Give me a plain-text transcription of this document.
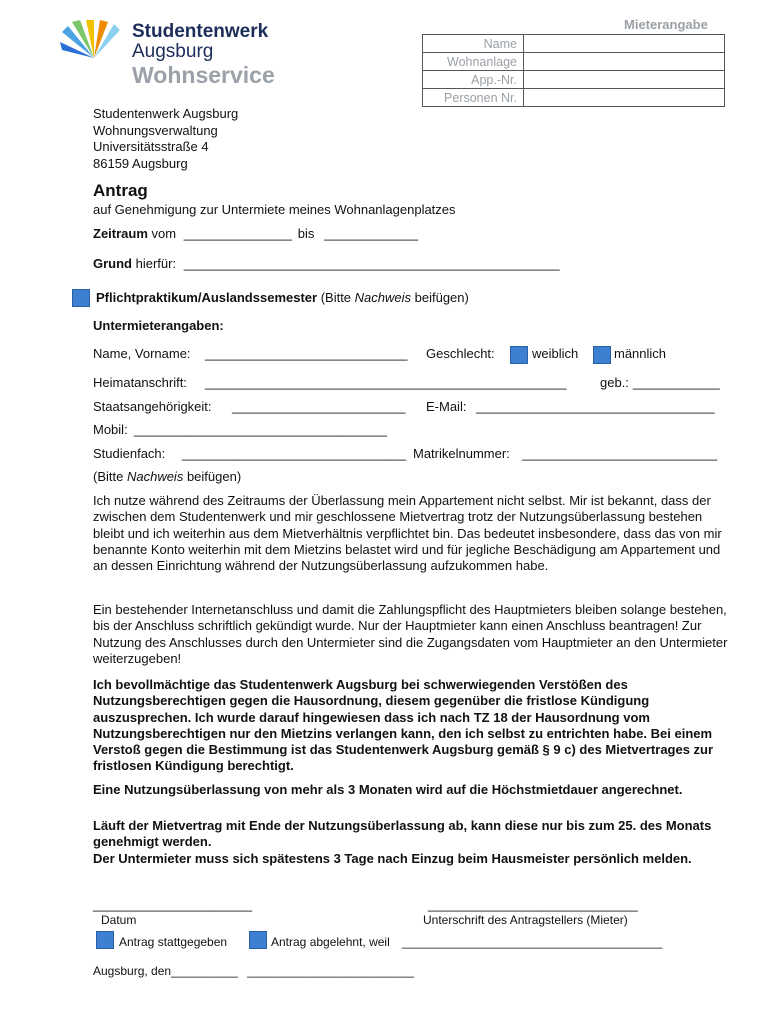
Studentenwerk
Augsburg
Wohnservice
Mieterangabe
Name	
Wohnanlage	
App.-Nr.	
Personen Nr.	
Studentenwerk Augsburg
Wohnungsverwaltung
Universitätsstraße 4
86159 Augsburg
Antrag
auf Genehmigung zur Untermiete meines Wohnanlagenplatzes
Zeitraum vom _______________ bis _____________
Grund hierfür: ____________________________________________________
Pflichtpraktikum/Auslandssemester (Bitte Nachweis beifügen)
Untermieterangaben:
Name, Vorname: ____________________________ Geschlecht:	weiblich	männlich
Heimatanschrift: __________________________________________________	geb.: ____________
Staatsangehörigkeit: ________________________ E-Mail: _________________________________
Mobil: ___________________________________
Studienfach: _______________________________ Matrikelnummer: ___________________________
(Bitte Nachweis beifügen)
Ich nutze während des Zeitraums der Überlassung mein Appartement nicht selbst. Mir ist bekannt, dass der zwischen dem Studentenwerk und mir geschlossene Mietvertrag trotz der Nutzungsüberlassung bestehen bleibt und ich weiterhin aus dem Mietverhältnis verpflichtet bin. Das bedeutet insbesondere, dass das von mir benannte Konto weiterhin mit dem Mietzins belastet wird und für jegliche Beschädigung am Appartement und an dessen Einrichtung während der Nutzungsüberlassung aufzukommen habe.
Ein bestehender Internetanschluss und damit die Zahlungspflicht des Hauptmieters bleiben solange bestehen, bis der Anschluss schriftlich gekündigt wurde. Nur der Hauptmieter kann einen Anschluss beantragen! Zur Nutzung des Anschlusses durch den Untermieter sind die Zugangsdaten vom Hauptmieter an den Untermieter weiterzugeben!
Ich bevollmächtige das Studentenwerk Augsburg bei schwerwiegenden Verstößen des Nutzungsberechtigen gegen die Hausordnung, diesem gegenüber die fristlose Kündigung auszusprechen. Ich wurde darauf hingewiesen dass ich nach TZ 18 der Hausordnung vom Nutzungsberechtigen nur den Mietzins verlangen kann, den ich selbst zu entrichten habe. Bei einem Verstoß gegen die Bestimmung ist das Studentenwerk Augsburg gemäß § 9 c) des Mietvertrages zur fristlosen Kündigung berechtigt.
Eine Nutzungsüberlassung von mehr als 3 Monaten wird auf die Höchstmietdauer angerechnet.
Läuft der Mietvertrag mit Ende der Nutzungsüberlassung ab, kann diese nur bis zum 25. des Monats genehmigt werden.
Der Untermieter muss sich spätestens 3 Tage nach Einzug beim Hausmeister persönlich melden.
______________________	_____________________________
Datum	Unterschrift des Antragstellers (Mieter)
Antrag stattgegeben	Antrag abgelehnt, weil _______________________________________
Augsburg, den__________ _________________________
